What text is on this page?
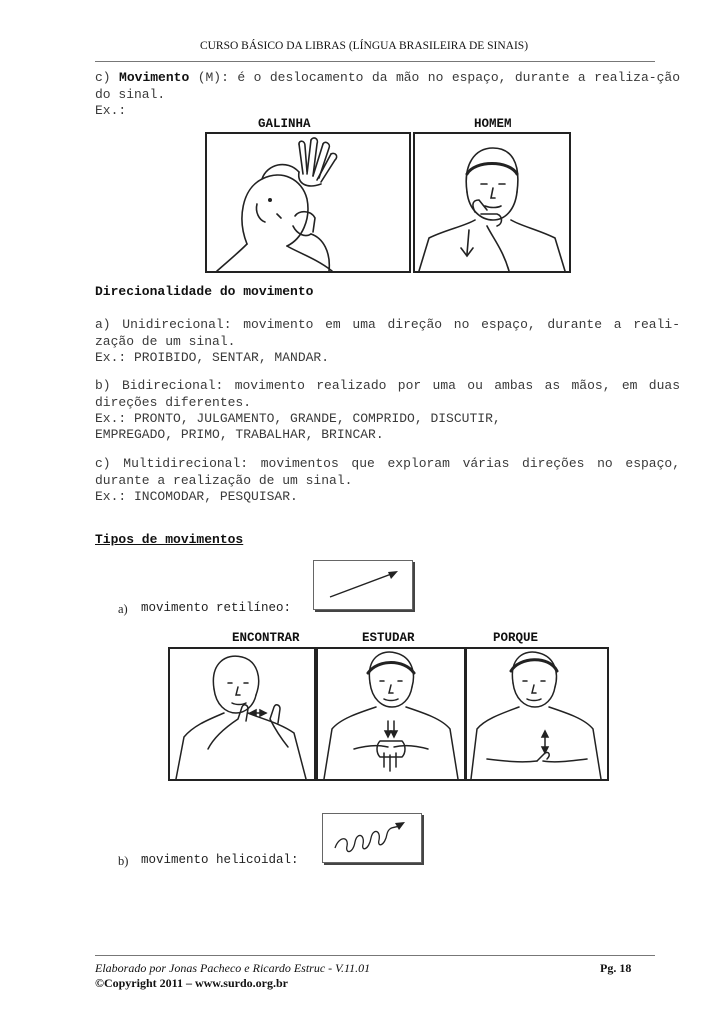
CURSO BÁSICO DA LIBRAS (LÍNGUA BRASILEIRA DE SINAIS)

c) Movimento (M): é o deslocamento da mão no espaço, durante a realiza-ção do sinal.

Ex.:
GALINHA	HOMEM
Direcionalidade do movimento

a) Unidirecional: movimento em uma direção no espaço, durante a reali-zação de um sinal.

Ex.: PROIBIDO, SENTAR, MANDAR.

b) Bidirecional: movimento realizado por uma ou ambas as mãos, em duas direções diferentes.

Ex.: PRONTO, JULGAMENTO, GRANDE, COMPRIDO, DISCUTIR,
EMPREGADO, PRIMO, TRABALHAR, BRINCAR.

c) Multidirecional: movimentos que exploram várias direções no espaço, durante a realização de um sinal.

Ex.: INCOMODAR, PESQUISAR.
Tipos de movimentos
a) movimento retilíneo:
ENCONTRAR	ESTUDAR	PORQUE
b) movimento helicoidal:
Elaborado por Jonas Pacheco e Ricardo Estruc - V.11.01	Pg. 18
©Copyright 2011 – www.surdo.org.br
